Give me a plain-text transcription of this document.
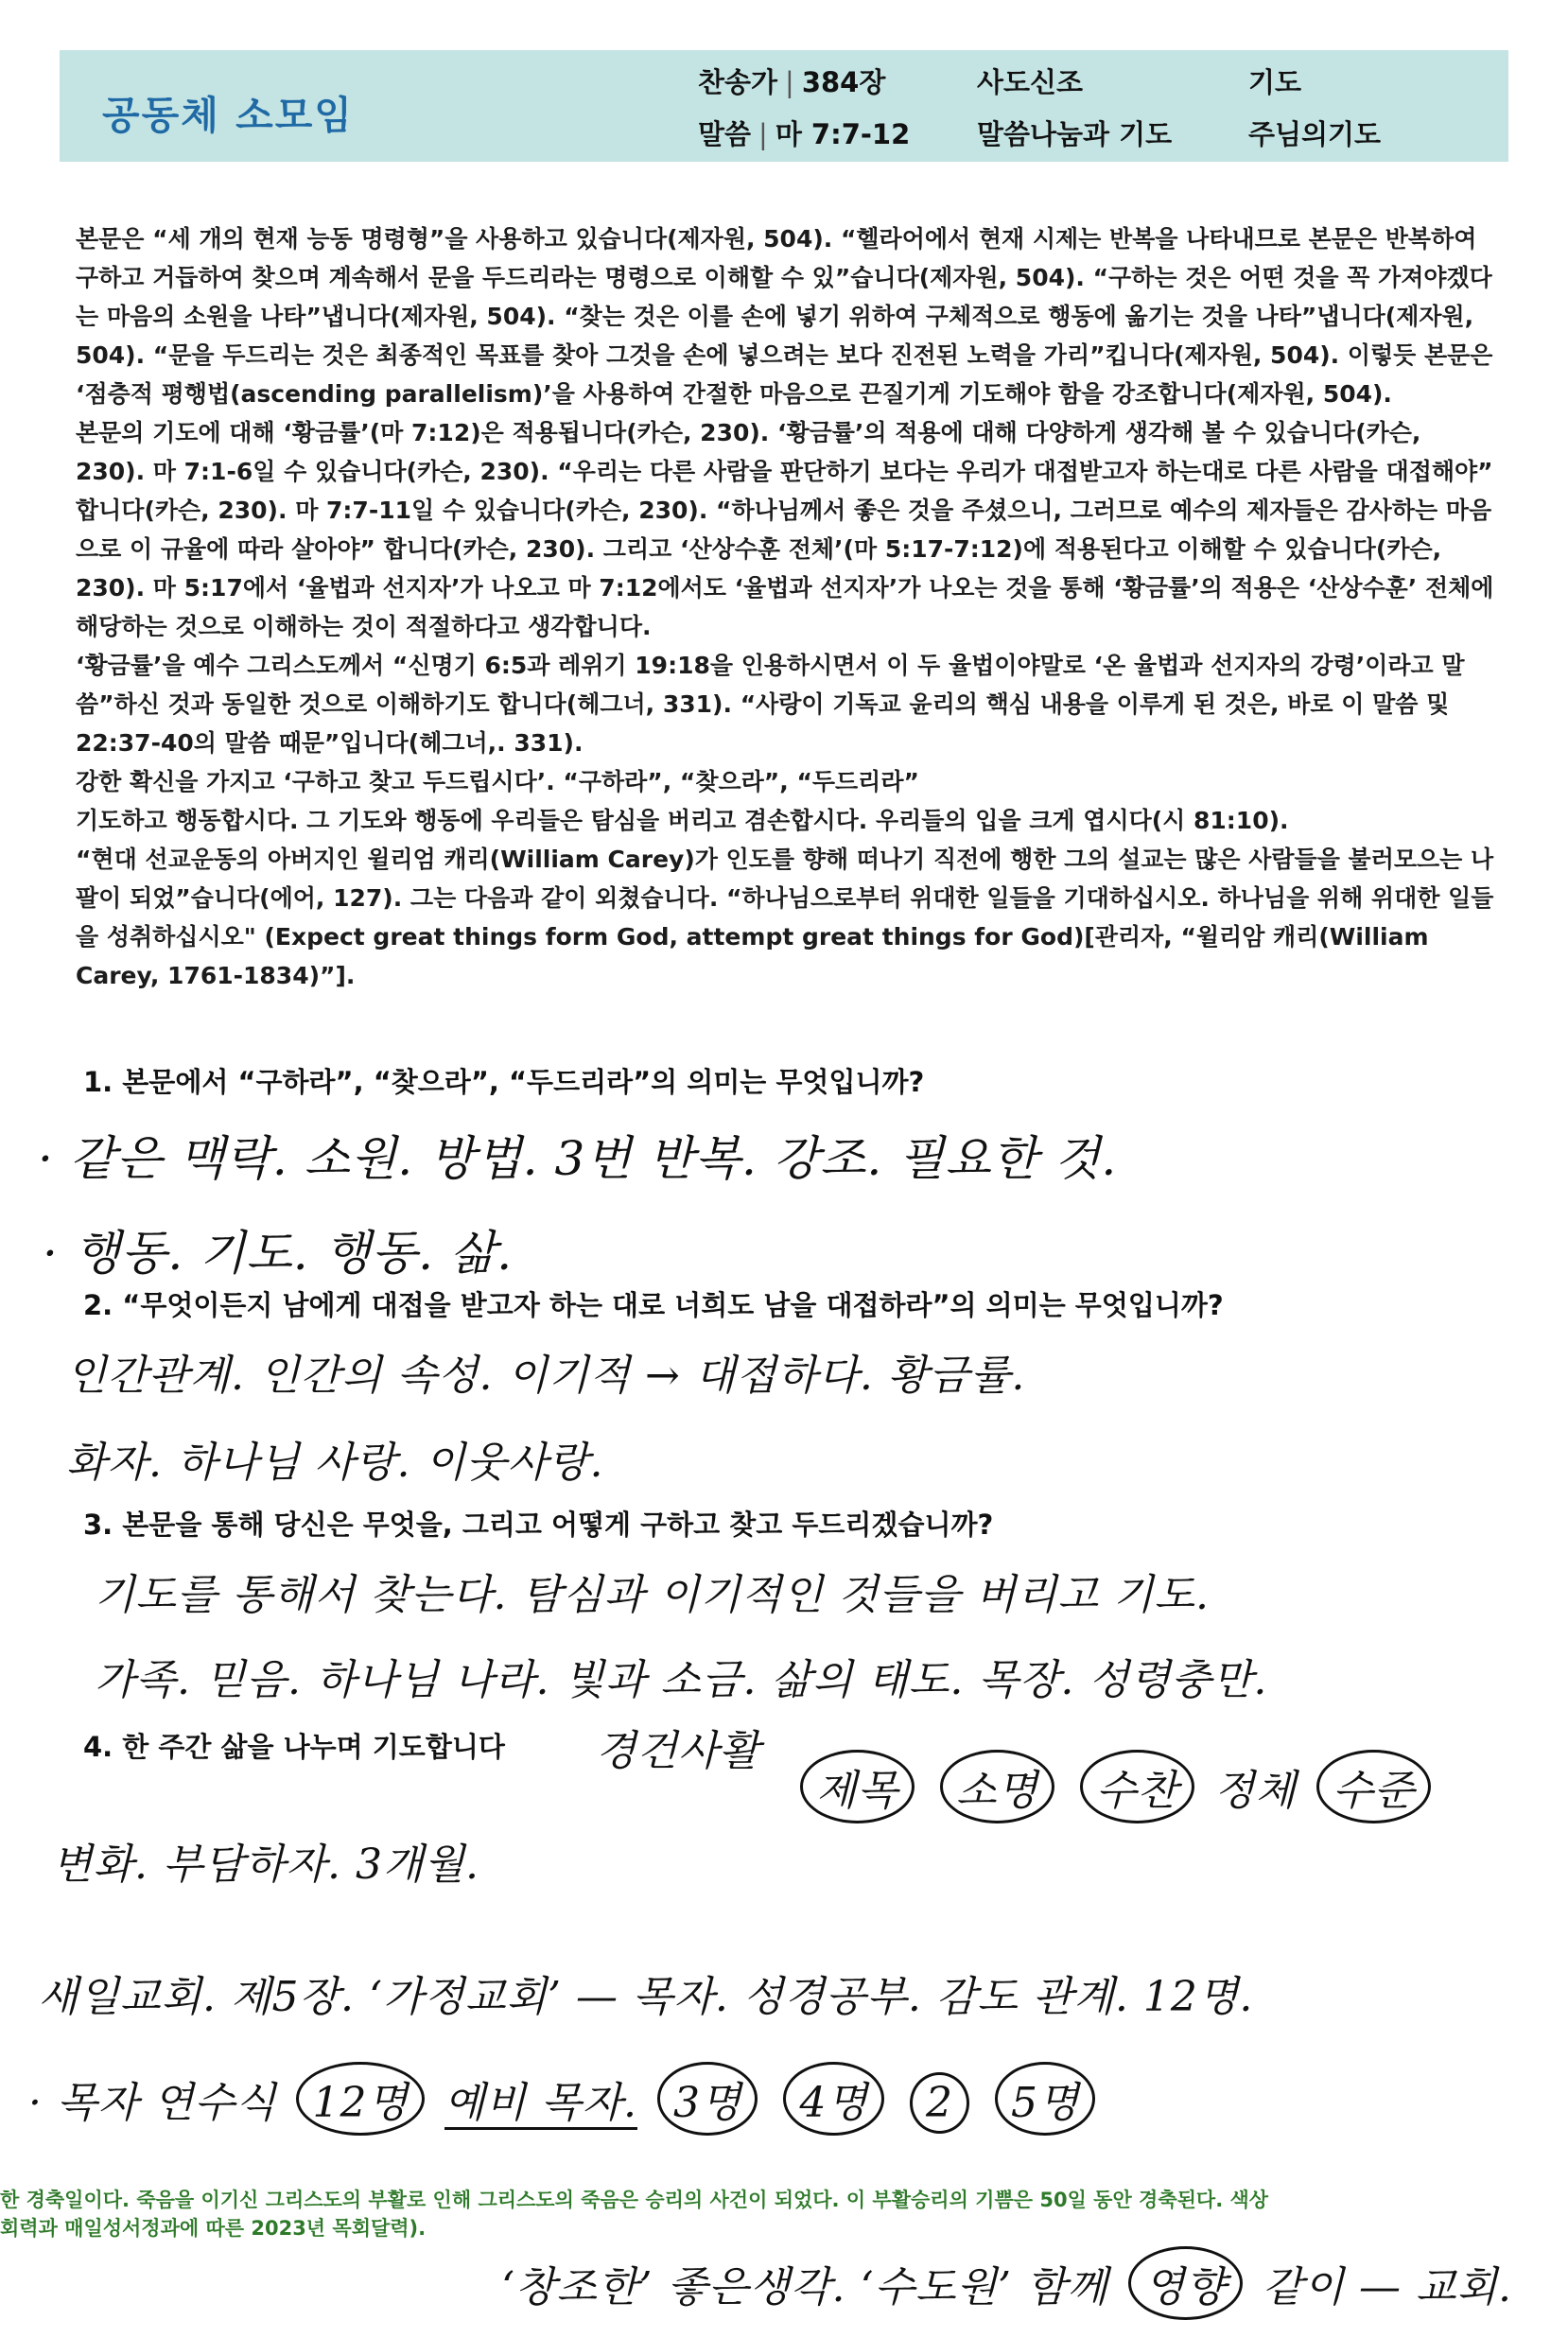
공동체 소모임
찬송가 | 384장	사도신조	기도
말씀 | 마 7:7-12 말씀나눔과 기도	주님의기도

본문은 “세 개의 현재 능동 명령형”을 사용하고 있습니다(제자원, 504). “헬라어에서 현재 시제는 반복을 나타내므로 본문은 반복하여 구하고 거듭하여 찾으며 계속해서 문을 두드리라는 명령으로 이해할 수 있”습니다(제자원, 504). “구하는 것은 어떤 것을 꼭 가져야겠다는 마음의 소원을 나타”냅니다(제자원, 504). “찾는 것은 이를 손에 넣기 위하여 구체적으로 행동에 옮기는 것을 나타”냅니다(제자원, 504). “문을 두드리는 것은 최종적인 목표를 찾아 그것을 손에 넣으려는 보다 진전된 노력을 가리”킵니다(제자원, 504). 이렇듯 본문은 ‘점층적 평행법(ascending parallelism)’을 사용하여 간절한 마음으로 끈질기게 기도해야 함을 강조합니다(제자원, 504).

본문의 기도에 대해 ‘황금률’(마 7:12)은 적용됩니다(카슨, 230). ‘황금률’의 적용에 대해 다양하게 생각해 볼 수 있습니다(카슨, 230). 마 7:1-6일 수 있습니다(카슨, 230). “우리는 다른 사람을 판단하기 보다는 우리가 대접받고자 하는대로 다른 사람을 대접해야” 합니다(카슨, 230). 마 7:7-11일 수 있습니다(카슨, 230). “하나님께서 좋은 것을 주셨으니, 그러므로 예수의 제자들은 감사하는 마음으로 이 규율에 따라 살아야” 합니다(카슨, 230). 그리고 ‘산상수훈 전체’(마 5:17-7:12)에 적용된다고 이해할 수 있습니다(카슨, 230). 마 5:17에서 ‘율법과 선지자’가 나오고 마 7:12에서도 ‘율법과 선지자’가 나오는 것을 통해 ‘황금률’의 적용은 ‘산상수훈’ 전체에 해당하는 것으로 이해하는 것이 적절하다고 생각합니다.

‘황금률’을 예수 그리스도께서 “신명기 6:5과 레위기 19:18을 인용하시면서 이 두 율법이야말로 ‘온 율법과 선지자의 강령’이라고 말씀”하신 것과 동일한 것으로 이해하기도 합니다(헤그너, 331). “사랑이 기독교 윤리의 핵심 내용을 이루게 된 것은, 바로 이 말씀 및 22:37-40의 말씀 때문”입니다(헤그너,. 331).

강한 확신을 가지고 ‘구하고 찾고 두드립시다’. “구하라”, “찾으라”, “두드리라”

기도하고 행동합시다. 그 기도와 행동에 우리들은 탐심을 버리고 겸손합시다. 우리들의 입을 크게 엽시다(시 81:10).

“현대 선교운동의 아버지인 윌리엄 캐리(William Carey)가 인도를 향해 떠나기 직전에 행한 그의 설교는 많은 사람들을 불러모으는 나팔이 되었”습니다(에어, 127). 그는 다음과 같이 외쳤습니다. “하나님으로부터 위대한 일들을 기대하십시오. 하나님을 위해 위대한 일들을 성취하십시오" (Expect great things form God, attempt great things for God)[관리자, “윌리암 캐리(William Carey, 1761-1834)”].

1. 본문에서 “구하라”, “찾으라”, “두드리라”의 의미는 무엇입니까?
· 같은 맥락. 소원. 방법. 3번 반복. 강조. 필요한 것.
· 행동. 기도. 행동. 삶.
2. “무엇이든지 남에게 대접을 받고자 하는 대로 너희도 남을 대접하라”의 의미는 무엇입니까?
인간관계. 인간의 속성. 이기적 → 대접하다. 황금률.
화자. 하나님 사랑. 이웃사랑.
3. 본문을 통해 당신은 무엇을, 그리고 어떻게 구하고 찾고 두드리겠습니까?
기도를 통해서 찾는다. 탐심과 이기적인 것들을 버리고 기도.
가족. 믿음. 하나님 나라. 빛과 소금. 삶의 태도. 목장. 성령충만.
4. 한 주간 삶을 나누며 기도합니다 경건사활
제목 소명 수찬 정체 수준
변화. 부담하자. 3개월.
새일교회. 제5장. ‘가정교회’ — 목자. 성경공부. 감도 관계. 12명.
· 목자 연수식 12명 예비 목자. 3명 4명 2 5명
한 경축일이다. 죽음을 이기신 그리스도의 부활로 인해 그리스도의 죽음은 승리의 사건이 되었다. 이 부활승리의 기쁨은 50일 동안 경축된다. 색상
회력과 매일성서정과에 따른 2023년 목회달력).
‘창조한’ 좋은생각. ‘수도원’ 함께 영향 같이 — 교회.
